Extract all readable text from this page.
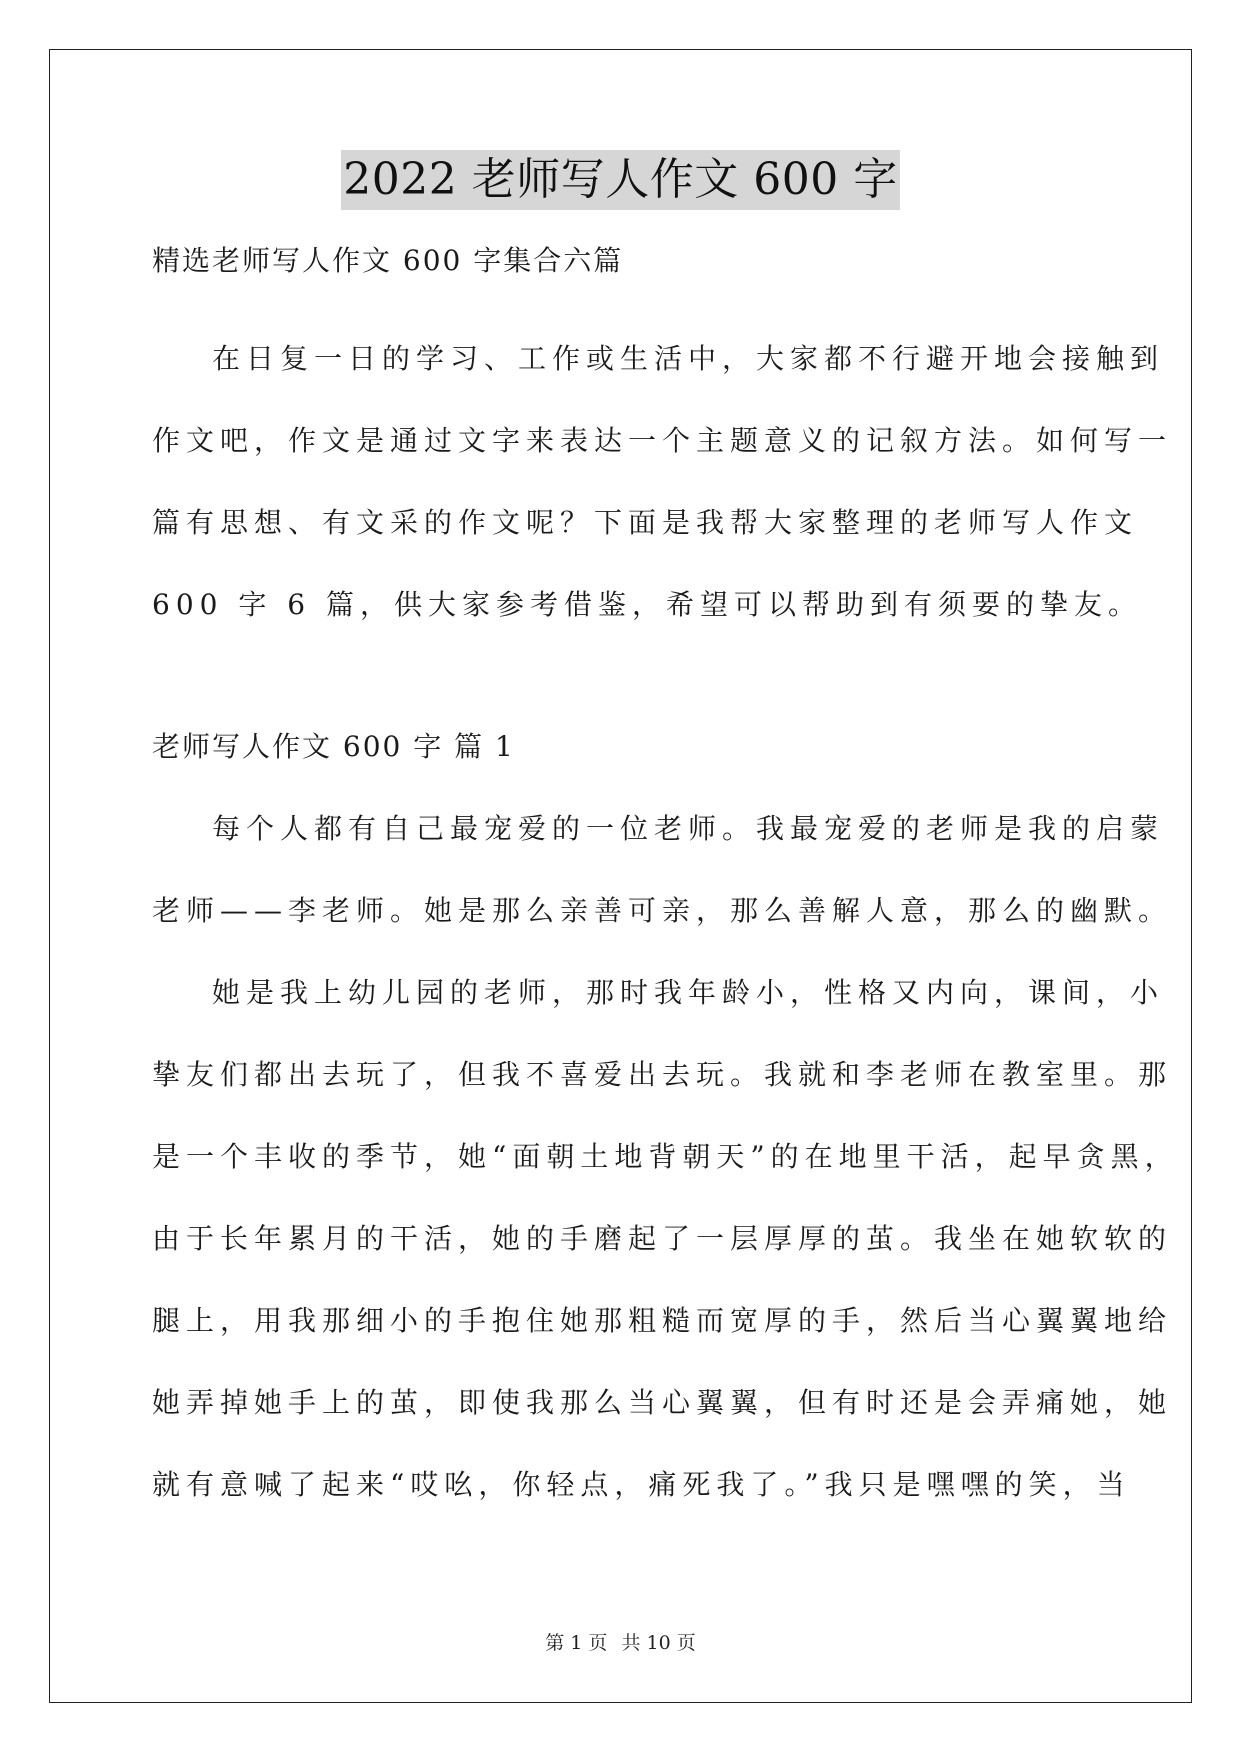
2022 老师写人作文 600 字
精选老师写人作文 600 字集合六篇
在日复一日的学习、工作或生活中，大家都不行避开地会接触到
作文吧，作文是通过文字来表达一个主题意义的记叙方法。如何写一
篇有思想、有文采的作文呢？下面是我帮大家整理的老师写人作文
600 字 6 篇，供大家参考借鉴，希望可以帮助到有须要的挚友。
老师写人作文 600 字 篇 1
每个人都有自己最宠爱的一位老师。我最宠爱的老师是我的启蒙
老师——李老师。她是那么亲善可亲，那么善解人意，那么的幽默。
她是我上幼儿园的老师，那时我年龄小，性格又内向，课间，小
挚友们都出去玩了，但我不喜爱出去玩。我就和李老师在教室里。那
是一个丰收的季节，她“面朝土地背朝天”的在地里干活，起早贪黑，
由于长年累月的干活，她的手磨起了一层厚厚的茧。我坐在她软软的
腿上，用我那细小的手抱住她那粗糙而宽厚的手，然后当心翼翼地给
她弄掉她手上的茧，即使我那么当心翼翼，但有时还是会弄痛她，她
就有意喊了起来“哎吆，你轻点，痛死我了。”我只是嘿嘿的笑，当
第 1 页 共 10 页
